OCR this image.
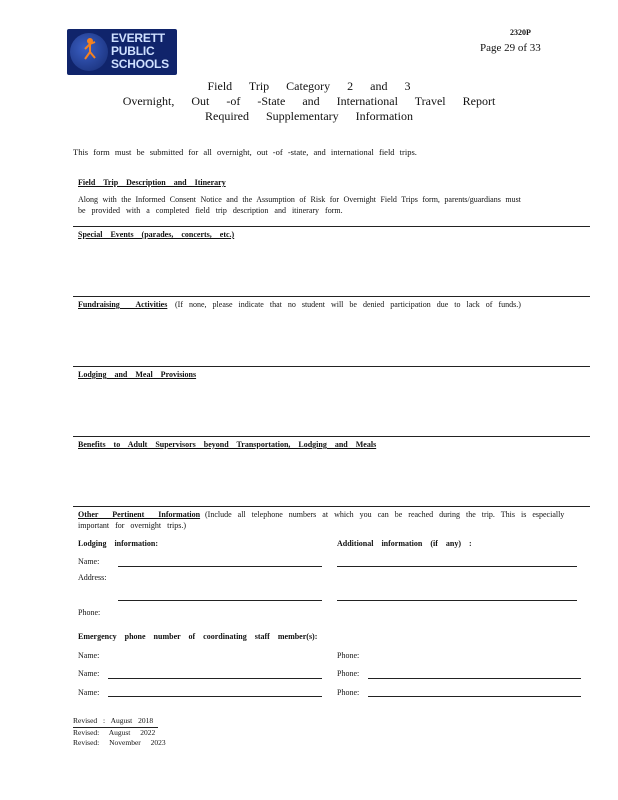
EVERETT
PUBLIC
SCHOOLS
2320P
Page 29 of 33
Field Trip Category 2 and 3
Overnight, Out -of -State and International Travel Report
Required Supplementary Information
This form must be submitted for all overnight, out -of -state, and international field trips.
Field Trip Description and Itinerary
Along with the Informed Consent Notice and the Assumption of Risk for Overnight Field Trips form, parents/guardians must
be provided with a completed field trip description and itinerary form.
Special Events (parades, concerts, etc.)
Fundraising Activities (If none, please indicate that no student will be denied participation due to lack of funds.)
Lodging and Meal Provisions
Benefits to Adult Supervisors beyond Transportation, Lodging and Meals
Other Pertinent Information (Include all telephone numbers at which you can be reached during the trip. This is especially
important for overnight trips.)
Lodging information:	Additional information (if any) :
Name:
Address:
Phone:
Emergency phone number of coordinating staff member(s):
Name:	Phone:
Name:	Phone:
Name:	Phone:
Revised : August 2018
Revised: August 2022
Revised: November 2023
